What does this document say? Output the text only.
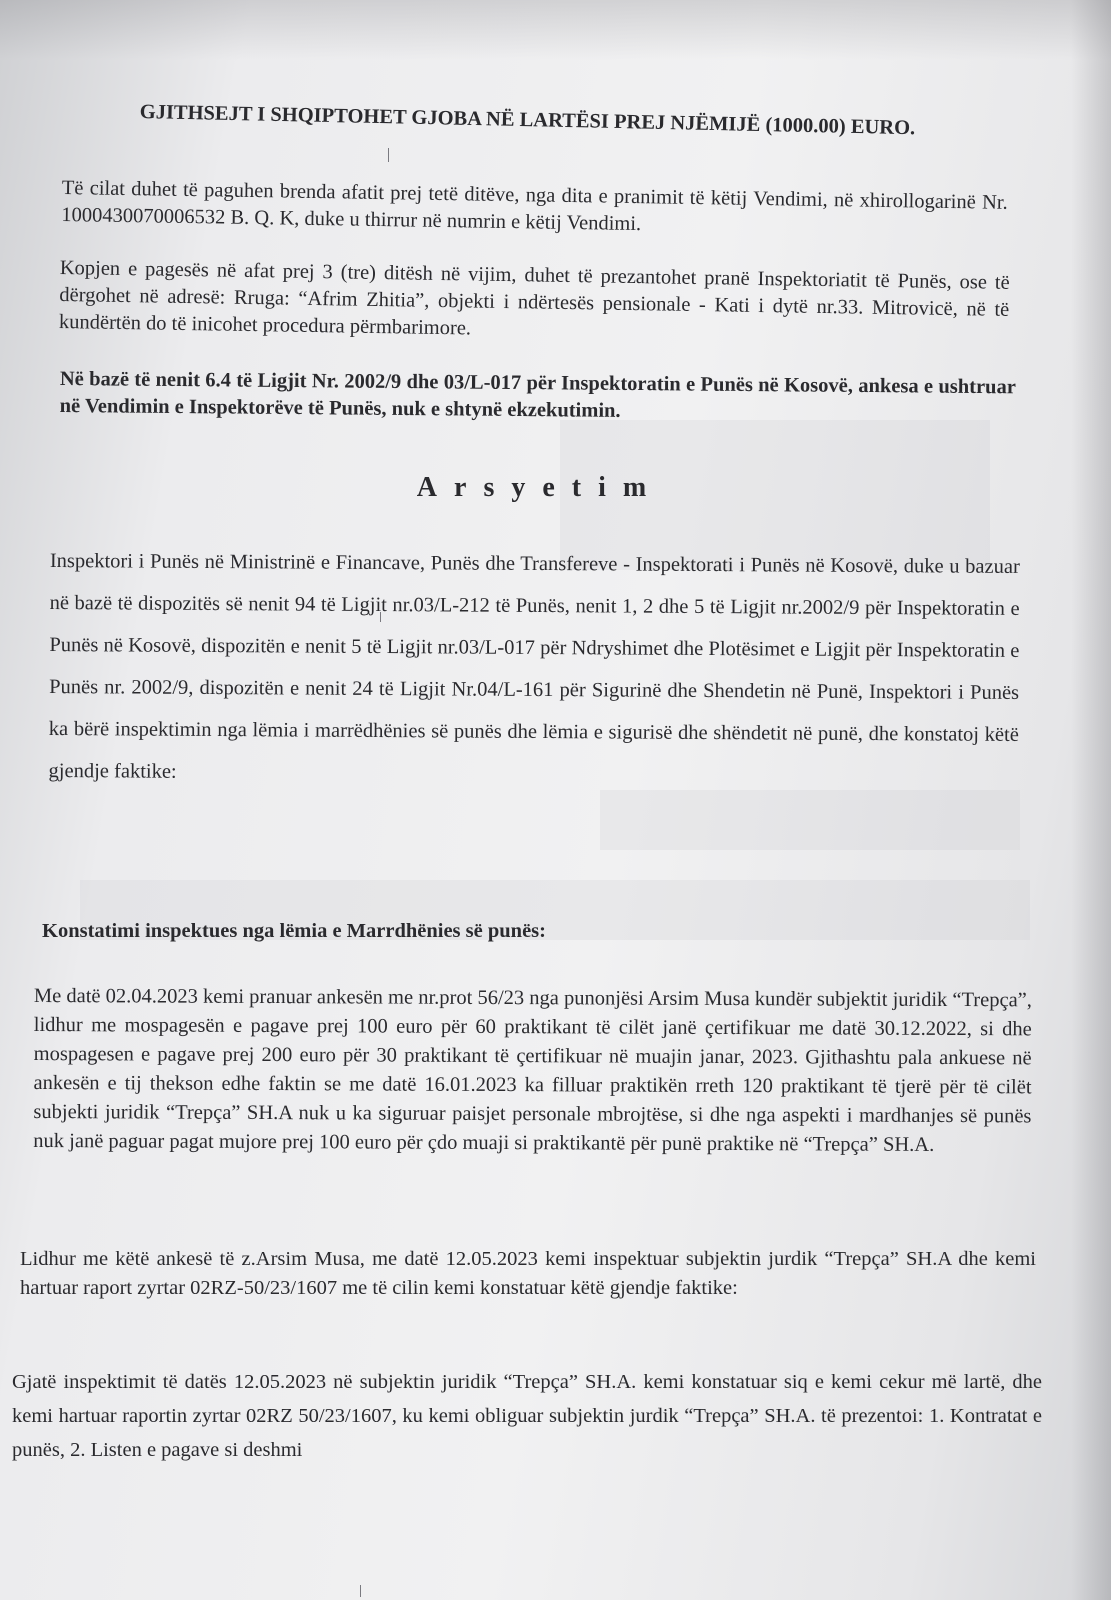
GJITHSEJT I SHQIPTOHET GJOBA NË LARTËSI PREJ NJËMIJË (1000.00) EURO.

Të cilat duhet të paguhen brenda afatit prej tetë ditëve, nga dita e pranimit të këtij Vendimi, në xhirollogarinë Nr. 1000430070006532 B. Q. K, duke u thirrur në numrin e këtij Vendimi.

Kopjen e pagesës në afat prej 3 (tre) ditësh në vijim, duhet të prezantohet pranë Inspektoriatit të Punës, ose të dërgohet në adresë: Rruga: “Afrim Zhitia”, objekti i ndërtesës pensionale - Kati i dytë nr.33. Mitrovicë, në të kundërtën do të inicohet procedura përmbarimore.

Në bazë të nenit 6.4 të Ligjit Nr. 2002/9 dhe 03/L-017 për Inspektoratin e Punës në Kosovë, ankesa e ushtruar në Vendimin e Inspektorëve të Punës, nuk e shtynë ekzekutimin.

Arsyetim

Inspektori i Punës në Ministrinë e Financave, Punës dhe Transfereve - Inspektorati i Punës në Kosovë, duke u bazuar në bazë të dispozitës së nenit 94 të Ligjit nr.03/L-212 të Punës, nenit 1, 2 dhe 5 të Ligjit nr.2002/9 për Inspektoratin e Punës në Kosovë, dispozitën e nenit 5 të Ligjit nr.03/L-017 për Ndryshimet dhe Plotësimet e Ligjit për Inspektoratin e Punës nr. 2002/9, dispozitën e nenit 24 të Ligjit Nr.04/L-161 për Sigurinë dhe Shendetin në Punë, Inspektori i Punës ka bërë inspektimin nga lëmia i marrëdhënies së punës dhe lëmia e sigurisë dhe shëndetit në punë, dhe konstatoj këtë gjendje faktike:

Konstatimi inspektues nga lëmia e Marrdhënies së punës:

Me datë 02.04.2023 kemi pranuar ankesën me nr.prot 56/23 nga punonjësi Arsim Musa kundër subjektit juridik “Trepça”, lidhur me mospagesën e pagave prej 100 euro për 60 praktikant të cilët janë çertifikuar me datë 30.12.2022, si dhe mospagesen e pagave prej 200 euro për 30 praktikant të çertifikuar në muajin janar, 2023. Gjithashtu pala ankuese në ankesën e tij thekson edhe faktin se me datë 16.01.2023 ka filluar praktikën rreth 120 praktikant të tjerë për të cilët subjekti juridik “Trepça” SH.A nuk u ka siguruar paisjet personale mbrojtëse, si dhe nga aspekti i mardhanjes së punës nuk janë paguar pagat mujore prej 100 euro për çdo muaji si praktikantë për punë praktike në “Trepça” SH.A.

Lidhur me këtë ankesë të z.Arsim Musa, me datë 12.05.2023 kemi inspektuar subjektin jurdik “Trepça” SH.A dhe kemi hartuar raport zyrtar 02RZ-50/23/1607 me të cilin kemi konstatuar këtë gjendje faktike:

Gjatë inspektimit të datës 12.05.2023 në subjektin juridik “Trepça” SH.A. kemi konstatuar siq e kemi cekur më lartë, dhe kemi hartuar raportin zyrtar 02RZ 50/23/1607, ku kemi obliguar subjektin jurdik “Trepça” SH.A. të prezentoi: 1. Kontratat e punës, 2. Listen e pagave si deshmi
